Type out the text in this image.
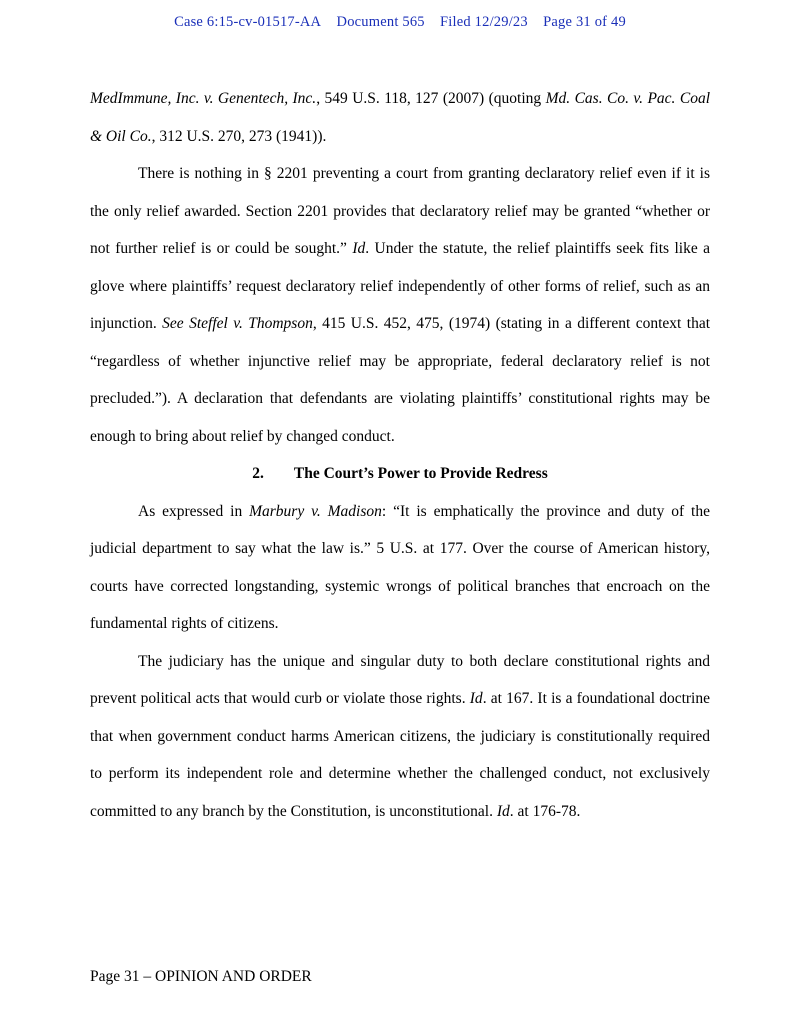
Case 6:15-cv-01517-AA Document 565 Filed 12/29/23 Page 31 of 49

MedImmune, Inc. v. Genentech, Inc., 549 U.S. 118, 127 (2007) (quoting Md. Cas. Co. v. Pac. Coal & Oil Co., 312 U.S. 270, 273 (1941)).

There is nothing in § 2201 preventing a court from granting declaratory relief even if it is the only relief awarded. Section 2201 provides that declaratory relief may be granted “whether or not further relief is or could be sought.” Id. Under the statute, the relief plaintiffs seek fits like a glove where plaintiffs’ request declaratory relief independently of other forms of relief, such as an injunction. See Steffel v. Thompson, 415 U.S. 452, 475, (1974) (stating in a different context that “regardless of whether injunctive relief may be appropriate, federal declaratory relief is not precluded.”). A declaration that defendants are violating plaintiffs’ constitutional rights may be enough to bring about relief by changed conduct.

2. The Court’s Power to Provide Redress

As expressed in Marbury v. Madison: “It is emphatically the province and duty of the judicial department to say what the law is.” 5 U.S. at 177. Over the course of American history, courts have corrected longstanding, systemic wrongs of political branches that encroach on the fundamental rights of citizens.

The judiciary has the unique and singular duty to both declare constitutional rights and prevent political acts that would curb or violate those rights. Id. at 167. It is a foundational doctrine that when government conduct harms American citizens, the judiciary is constitutionally required to perform its independent role and determine whether the challenged conduct, not exclusively committed to any branch by the Constitution, is unconstitutional. Id. at 176-78.

Page 31 – OPINION AND ORDER
